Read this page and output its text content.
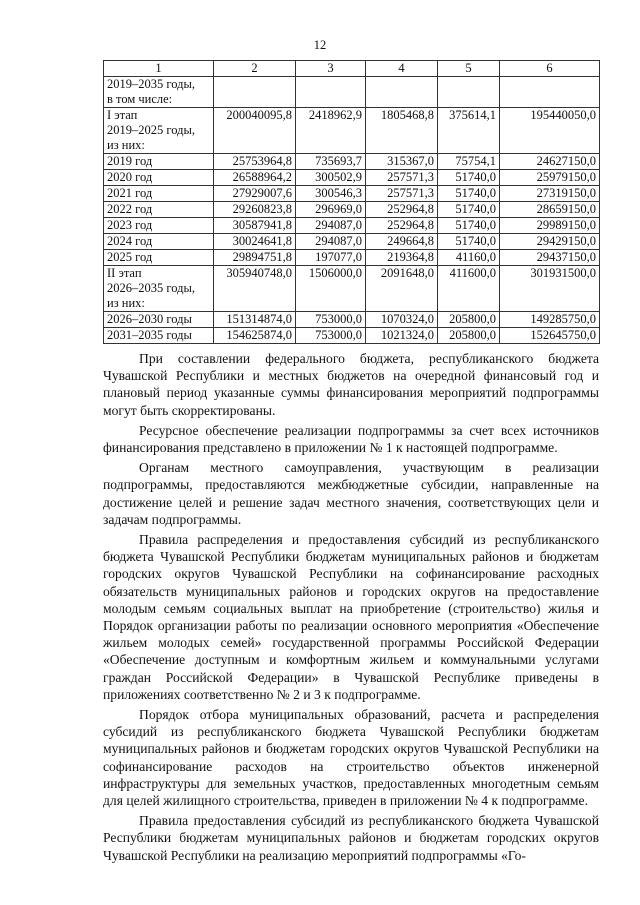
12
1	2	3	4	5	6
2019–2035 годы,
в том числе:					
I этап
2019–2025 годы,
из них:	200040095,8	2418962,9	1805468,8	375614,1	195440050,0
2019 год	25753964,8	735693,7	315367,0	75754,1	24627150,0
2020 год	26588964,2	300502,9	257571,3	51740,0	25979150,0
2021 год	27929007,6	300546,3	257571,3	51740,0	27319150,0
2022 год	29260823,8	296969,0	252964,8	51740,0	28659150,0
2023 год	30587941,8	294087,0	252964,8	51740,0	29989150,0
2024 год	30024641,8	294087,0	249664,8	51740,0	29429150,0
2025 год	29894751,8	197077,0	219364,8	41160,0	29437150,0
II этап
2026–2035 годы,
из них:	305940748,0	1506000,0	2091648,0	411600,0	301931500,0
2026–2030 годы	151314874,0	753000,0	1070324,0	205800,0	149285750,0
2031–2035 годы	154625874,0	753000,0	1021324,0	205800,0	152645750,0

При составлении федерального бюджета, республиканского бюджета Чувашской Республики и местных бюджетов на очередной финансовый год и плановый период указанные суммы финансирования мероприятий подпрограммы могут быть скорректированы.

Ресурсное обеспечение реализации подпрограммы за счет всех источников финансирования представлено в приложении № 1 к настоящей подпрограмме.

Органам местного самоуправления, участвующим в реализации подпрограммы, предоставляются межбюджетные субсидии, направленные на достижение целей и решение задач местного значения, соответствующих цели и задачам подпрограммы.

Правила распределения и предоставления субсидий из республиканского бюджета Чувашской Республики бюджетам муниципальных районов и бюджетам городских округов Чувашской Республики на софинансирование расходных обязательств муниципальных районов и городских округов на предоставление молодым семьям социальных выплат на приобретение (строительство) жилья и Порядок организации работы по реализации основного мероприятия «Обеспечение жильем молодых семей» государственной программы Российской Федерации «Обеспечение доступным и комфортным жильем и коммунальными услугами граждан Российской Федерации» в Чувашской Республике приведены в приложениях соответственно № 2 и 3 к подпрограмме.

Порядок отбора муниципальных образований, расчета и распределения субсидий из республиканского бюджета Чувашской Республики бюджетам муниципальных районов и бюджетам городских округов Чувашской Республики на софинансирование расходов на строительство объектов инженерной инфраструктуры для земельных участков, предоставленных многодетным семьям для целей жилищного строительства, приведен в приложении № 4 к подпрограмме.

Правила предоставления субсидий из республиканского бюджета Чувашской Республики бюджетам муниципальных районов и бюджетам городских округов Чувашской Республики на реализацию мероприятий подпрограммы «Го-
